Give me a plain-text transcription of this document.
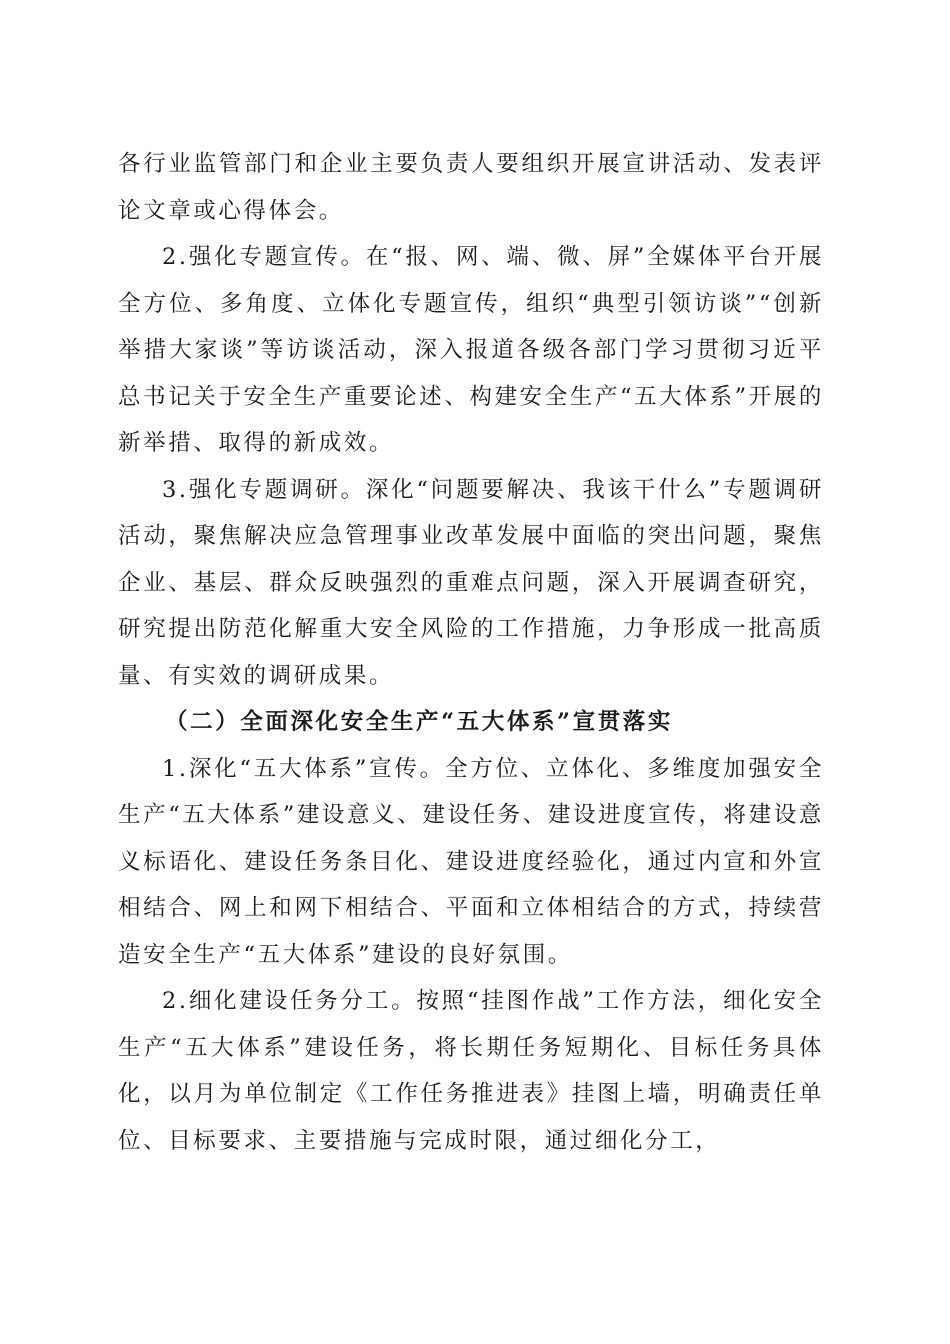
各行业监管部门和企业主要负责人要组织开展宣讲活动、发表评论文章或心得体会。

2.强化专题宣传。在“报、网、端、微、屏”全媒体平台开展全方位、多角度、立体化专题宣传，组织“典型引领访谈”“创新举措大家谈”等访谈活动，深入报道各级各部门学习贯彻习近平总书记关于安全生产重要论述、构建安全生产“五大体系”开展的新举措、取得的新成效。

3.强化专题调研。深化“问题要解决、我该干什么”专题调研活动，聚焦解决应急管理事业改革发展中面临的突出问题，聚焦企业、基层、群众反映强烈的重难点问题，深入开展调查研究，研究提出防范化解重大安全风险的工作措施，力争形成一批高质量、有实效的调研成果。

（二）全面深化安全生产“五大体系”宣贯落实

1.深化“五大体系”宣传。全方位、立体化、多维度加强安全生产“五大体系”建设意义、建设任务、建设进度宣传，将建设意义标语化、建设任务条目化、建设进度经验化，通过内宣和外宣相结合、网上和网下相结合、平面和立体相结合的方式，持续营造安全生产“五大体系”建设的良好氛围。

2.细化建设任务分工。按照“挂图作战”工作方法，细化安全生产“五大体系”建设任务，将长期任务短期化、目标任务具体化，以月为单位制定《工作任务推进表》挂图上墙，明确责任单位、目标要求、主要措施与完成时限，通过细化分工，
